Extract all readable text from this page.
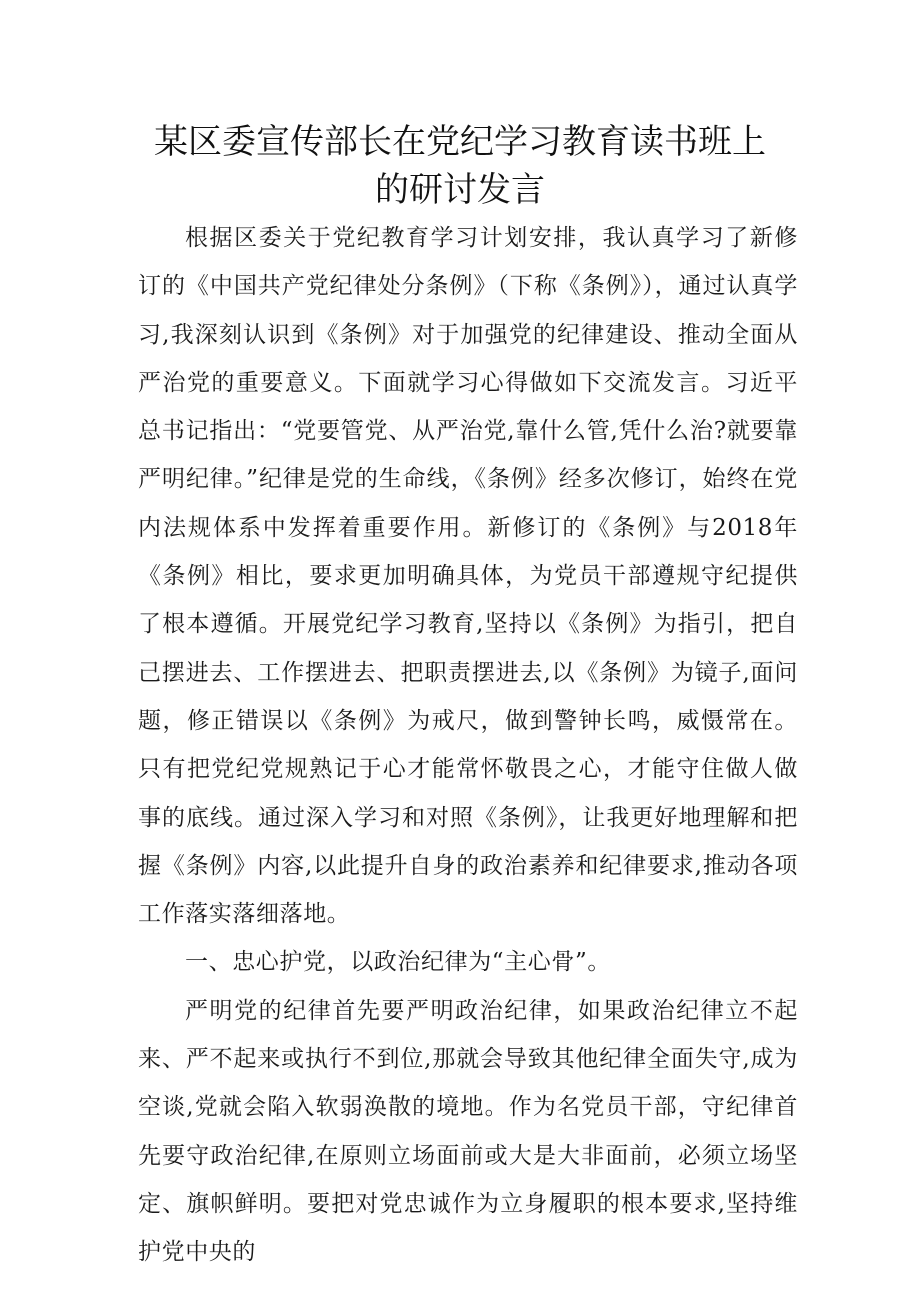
某区委宣传部长在党纪学习教育读书班上
的研讨发言

根据区委关于党纪教育学习计划安排，我认真学习了新修订的《中国共产党纪律处分条例》（下称《条例》），通过认真学习,我深刻认识到《条例》对于加强党的纪律建设、推动全面从严治党的重要意义。下面就学习心得做如下交流发言。习近平总书记指出：“党要管党、从严治党,靠什么管,凭什么治?就要靠严明纪律。”纪律是党的生命线，《条例》经多次修订，始终在党内法规体系中发挥着重要作用。新修订的《条例》与2018年《条例》相比，要求更加明确具体，为党员干部遵规守纪提供了根本遵循。开展党纪学习教育,坚持以《条例》为指引，把自己摆进去、工作摆进去、把职责摆进去,以《条例》为镜子,面问题，修正错误以《条例》为戒尺，做到警钟长鸣，威慑常在。只有把党纪党规熟记于心才能常怀敬畏之心，才能守住做人做事的底线。通过深入学习和对照《条例》，让我更好地理解和把握《条例》内容,以此提升自身的政治素养和纪律要求,推动各项工作落实落细落地。

一、忠心护党，以政治纪律为“主心骨”。

严明党的纪律首先要严明政治纪律，如果政治纪律立不起来、严不起来或执行不到位,那就会导致其他纪律全面失守,成为空谈,党就会陷入软弱涣散的境地。作为名党员干部，守纪律首先要守政治纪律,在原则立场面前或大是大非面前，必须立场坚定、旗帜鲜明。要把对党忠诚作为立身履职的根本要求,坚持维护党中央的
